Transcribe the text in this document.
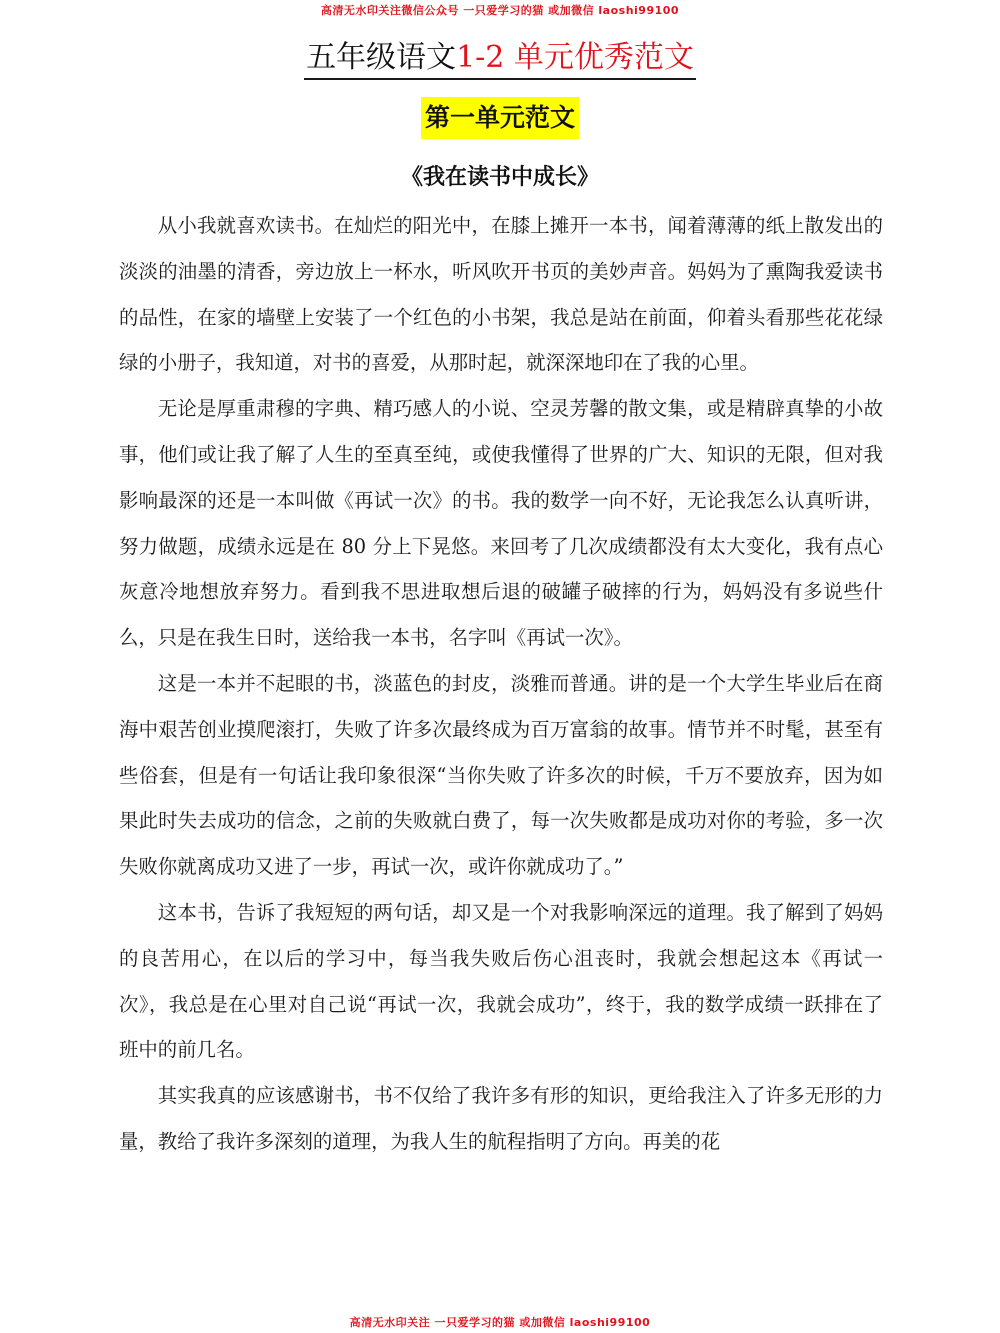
高清无水印关注微信公众号 一只爱学习的猫 或加微信 laoshi99100
五年级语文1-2 单元优秀范文
第一单元范文
《我在读书中成长》

从小我就喜欢读书。在灿烂的阳光中，在膝上摊开一本书，闻着薄薄的纸上散发出的淡淡的油墨的清香，旁边放上一杯水，听风吹开书页的美妙声音。妈妈为了熏陶我爱读书的品性，在家的墙壁上安装了一个红色的小书架，我总是站在前面，仰着头看那些花花绿绿的小册子，我知道，对书的喜爱，从那时起，就深深地印在了我的心里。

无论是厚重肃穆的字典、精巧感人的小说、空灵芳馨的散文集，或是精辟真挚的小故事，他们或让我了解了人生的至真至纯，或使我懂得了世界的广大、知识的无限，但对我影响最深的还是一本叫做《再试一次》的书。我的数学一向不好，无论我怎么认真听讲，努力做题，成绩永远是在 80 分上下晃悠。来回考了几次成绩都没有太大变化，我有点心灰意冷地想放弃努力。看到我不思进取想后退的破罐子破摔的行为，妈妈没有多说些什么，只是在我生日时，送给我一本书，名字叫《再试一次》。

这是一本并不起眼的书，淡蓝色的封皮，淡雅而普通。讲的是一个大学生毕业后在商海中艰苦创业摸爬滚打，失败了许多次最终成为百万富翁的故事。情节并不时髦，甚至有些俗套，但是有一句话让我印象很深“当你失败了许多次的时候，千万不要放弃，因为如果此时失去成功的信念，之前的失败就白费了，每一次失败都是成功对你的考验，多一次失败你就离成功又进了一步，再试一次，或许你就成功了。”

这本书，告诉了我短短的两句话，却又是一个对我影响深远的道理。我了解到了妈妈的良苦用心，在以后的学习中，每当我失败后伤心沮丧时，我就会想起这本《再试一次》，我总是在心里对自己说“再试一次，我就会成功”，终于，我的数学成绩一跃排在了班中的前几名。

其实我真的应该感谢书，书不仅给了我许多有形的知识，更给我注入了许多无形的力量，教给了我许多深刻的道理，为我人生的航程指明了方向。再美的花

高清无水印关注 一只爱学习的猫 或加微信 laoshi99100
